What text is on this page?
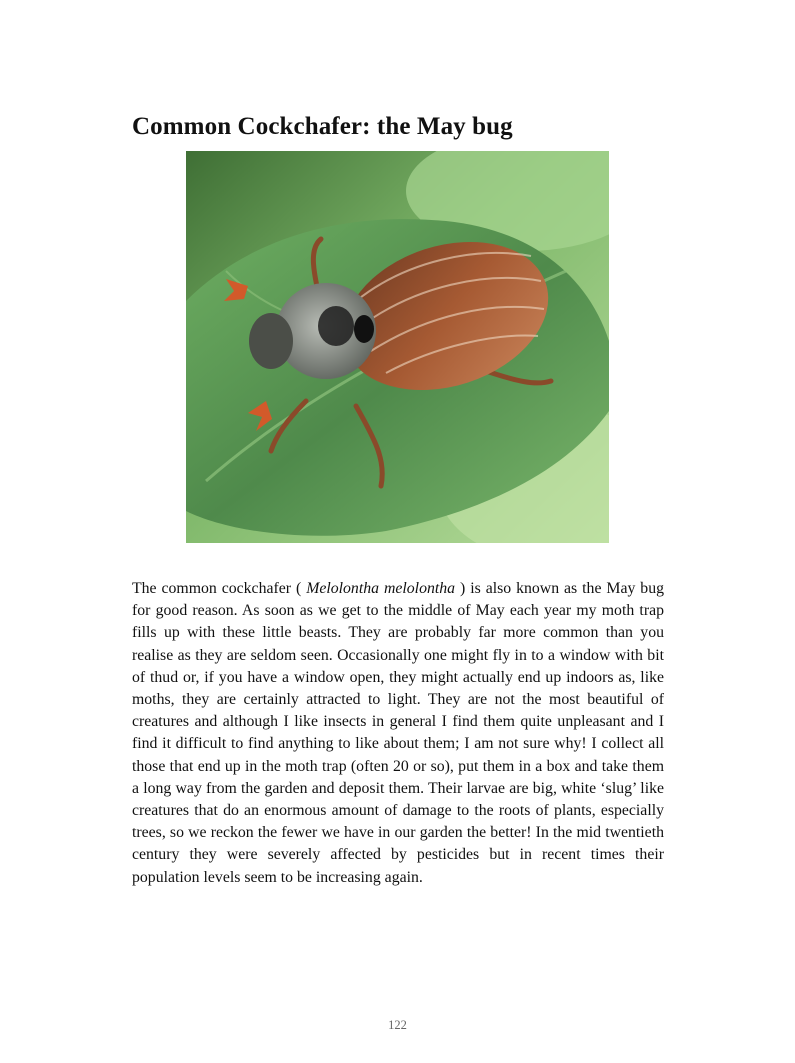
Common Cockchafer: the May bug

The common cockchafer ( Melolontha melolontha ) is also known as the May bug for good reason. As soon as we get to the middle of May each year my moth trap fills up with these little beasts. They are probably far more common than you realise as they are seldom seen. Occasionally one might fly in to a window with bit of thud or, if you have a window open, they might actually end up indoors as, like moths, they are certainly attracted to light. They are not the most beautiful of creatures and although I like insects in general I find them quite unpleasant and I find it difficult to find anything to like about them; I am not sure why! I collect all those that end up in the moth trap (often 20 or so), put them in a box and take them a long way from the garden and deposit them. Their larvae are big, white ‘slug’ like creatures that do an enormous amount of damage to the roots of plants, especially trees, so we reckon the fewer we have in our garden the better! In the mid twentieth century they were severely affected by pesticides but in recent times their population levels seem to be increasing again.

122
